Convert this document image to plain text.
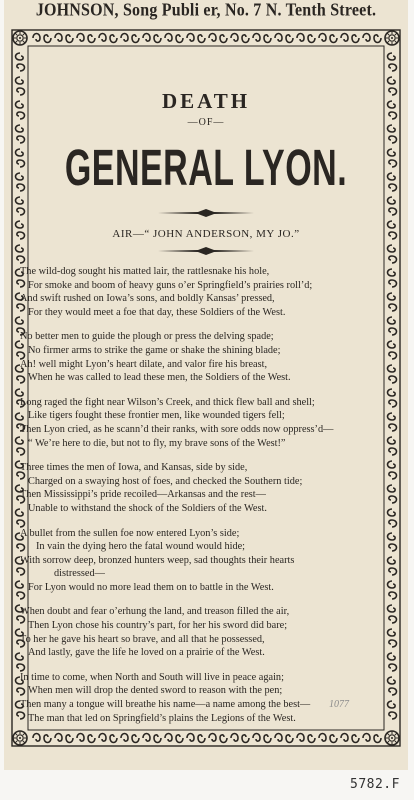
JOHNSON, Song Publi er, No. 7 N. Tenth Street.
DEATH
—OF—
GENERAL LYON.
AIR—“ JOHN ANDERSON, MY JO.”
The wild-dog sought his matted lair, the rattlesnake his hole,
For smoke and boom of heavy guns o’er Springfield’s prairies roll’d;
And swift rushed on Iowa’s sons, and boldly Kansas’ pressed,
For they would meet a foe that day, these Soldiers of the West.
No better men to guide the plough or press the delving spade;
No firmer arms to strike the game or shake the shining blade;
Ah! well might Lyon’s heart dilate, and valor fire his breast,
When he was called to lead these men, the Soldiers of the West.
Long raged the fight near Wilson’s Creek, and thick flew ball and shell;
Like tigers fought these frontier men, like wounded tigers fell;
Then Lyon cried, as he scann’d their ranks, with sore odds now oppress’d—
“ We’re here to die, but not to fly, my brave sons of the West!”
Three times the men of Iowa, and Kansas, side by side,
Charged on a swaying host of foes, and checked the Southern tide;
Then Mississippi’s pride recoiled—Arkansas and the rest—
Unable to withstand the shock of the Soldiers of the West.
A bullet from the sullen foe now entered Lyon’s side;
In vain the dying hero the fatal wound would hide;
With sorrow deep, bronzed hunters weep, sad thoughts their hearts
distressed—
For Lyon would no more lead them on to battle in the West.
When doubt and fear o’erhung the land, and treason filled the air,
Then Lyon chose his country’s part, for her his sword did bare;
To her he gave his heart so brave, and all that he possessed,
And lastly, gave the life he loved on a prairie of the West.
In time to come, when North and South will live in peace again;
When men will drop the dented sword to reason with the pen;
Then many a tongue will breathe his name—a name among the best—
The man that led on Springfield’s plains the Legions of the West.
1077
5782.F
